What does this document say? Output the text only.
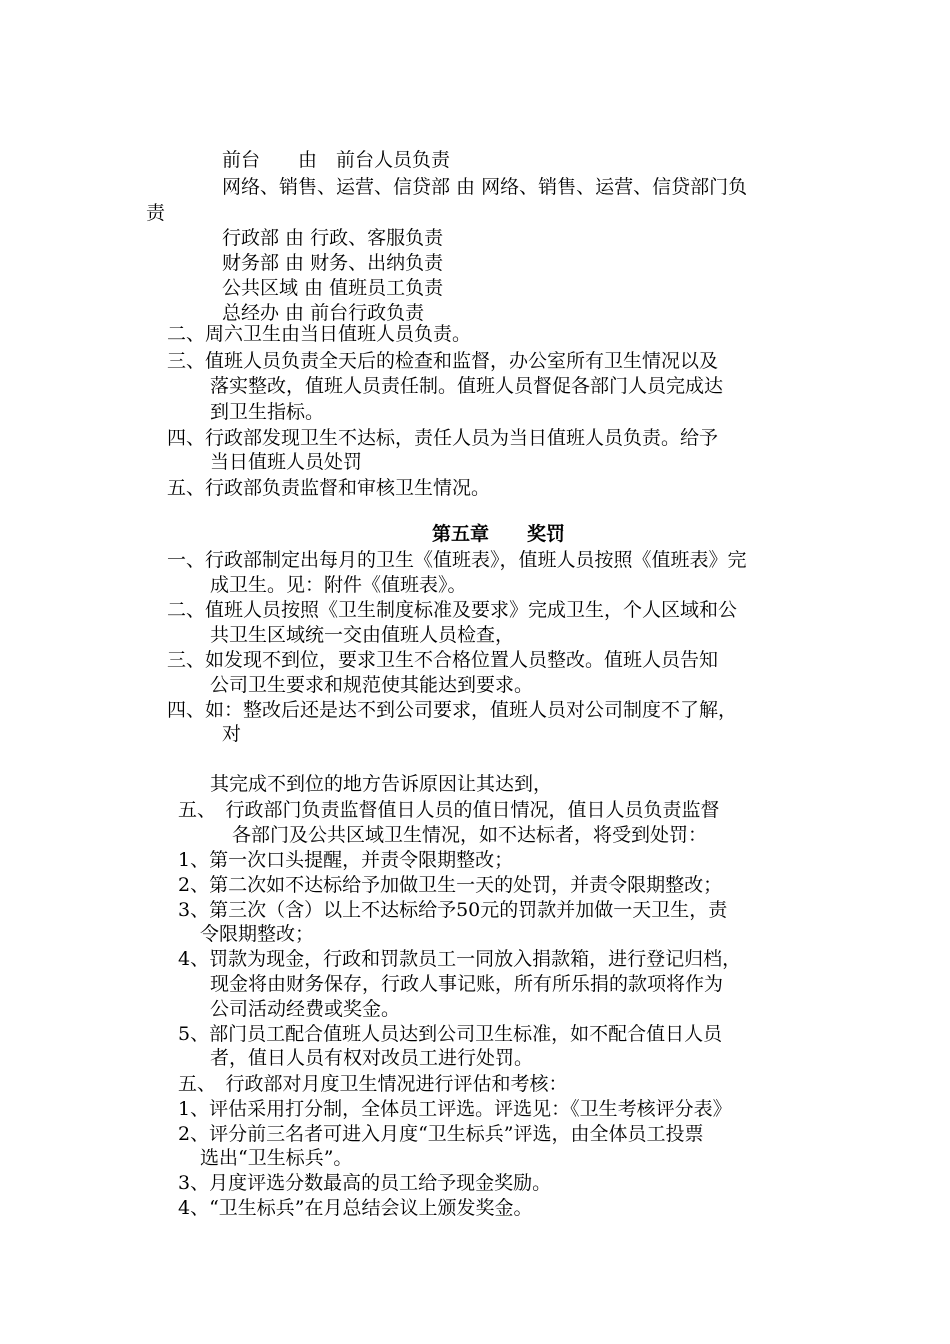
前台　　由　前台人员负责
网络、销售、运营、信贷部 由 网络、销售、运营、信贷部门负
责
行政部 由 行政、客服负责
财务部 由 财务、出纳负责
公共区域 由 值班员工负责
总经办 由 前台行政负责
二、周六卫生由当日值班人员负责。
三、值班人员负责全天后的检查和监督，办公室所有卫生情况以及
落实整改，值班人员责任制。值班人员督促各部门人员完成达
到卫生指标。
四、行政部发现卫生不达标，责任人员为当日值班人员负责。给予
当日值班人员处罚
五、行政部负责监督和审核卫生情况。
第五章　　奖罚
一、行政部制定出每月的卫生《值班表》，值班人员按照《值班表》完
成卫生。见：附件《值班表》。
二、值班人员按照《卫生制度标准及要求》完成卫生，个人区域和公
共卫生区域统一交由值班人员检查，
三、如发现不到位，要求卫生不合格位置人员整改。值班人员告知
公司卫生要求和规范使其能达到要求。
四、如：整改后还是达不到公司要求，值班人员对公司制度不了解，
对
其完成不到位的地方告诉原因让其达到，
五、　行政部门负责监督值日人员的值日情况，值日人员负责监督
各部门及公共区域卫生情况，如不达标者，将受到处罚：
1、第一次口头提醒，并责令限期整改；
2、第二次如不达标给予加做卫生一天的处罚，并责令限期整改；
3、第三次（含）以上不达标给予50元的罚款并加做一天卫生，责
令限期整改；
4、罚款为现金，行政和罚款员工一同放入捐款箱，进行登记归档，
现金将由财务保存，行政人事记账，所有所乐捐的款项将作为
公司活动经费或奖金。
5、部门员工配合值班人员达到公司卫生标准，如不配合值日人员
者，值日人员有权对改员工进行处罚。
五、　行政部对月度卫生情况进行评估和考核：
1、评估采用打分制，全体员工评选。评选见：《卫生考核评分表》
2、评分前三名者可进入月度“卫生标兵”评选，由全体员工投票
选出“卫生标兵”。
3、月度评选分数最高的员工给予现金奖励。
4、“卫生标兵”在月总结会议上颁发奖金。
